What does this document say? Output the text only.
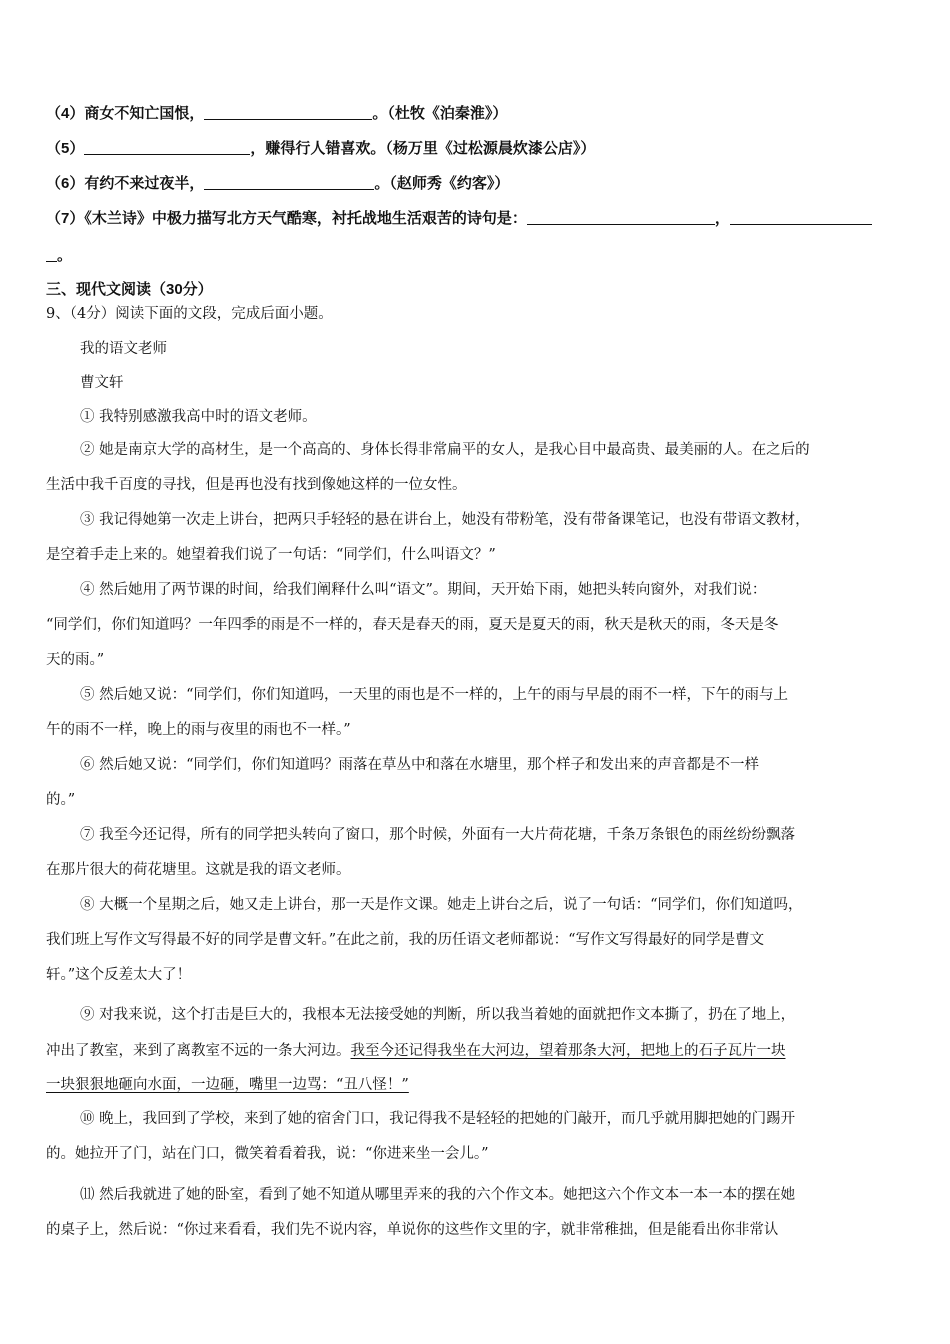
（4）商女不知亡国恨，	。（杜牧《泊秦淮》）
（5）	，赚得行人错喜欢。（杨万里《过松源晨炊漆公店》）
（6）有约不来过夜半，	。（赵师秀《约客》）
（7）《木兰诗》中极力描写北方天气酷寒，衬托战地生活艰苦的诗句是：	，
。
三、现代文阅读（30分）
9、（4分）阅读下面的文段，完成后面小题。
我的语文老师
曹文轩
① 我特别感激我高中时的语文老师。
② 她是南京大学的高材生，是一个高高的、身体长得非常扁平的女人，是我心目中最高贵、最美丽的人。在之后的
生活中我千百度的寻找，但是再也没有找到像她这样的一位女性。
③ 我记得她第一次走上讲台，把两只手轻轻的悬在讲台上，她没有带粉笔，没有带备课笔记，也没有带语文教材，
是空着手走上来的。她望着我们说了一句话：“同学们，什么叫语文？”
④ 然后她用了两节课的时间，给我们阐释什么叫“语文”。期间，天开始下雨，她把头转向窗外，对我们说：
“同学们，你们知道吗？一年四季的雨是不一样的，春天是春天的雨，夏天是夏天的雨，秋天是秋天的雨，冬天是冬
天的雨。”
⑤ 然后她又说：“同学们，你们知道吗，一天里的雨也是不一样的，上午的雨与早晨的雨不一样，下午的雨与上
午的雨不一样，晚上的雨与夜里的雨也不一样。”
⑥ 然后她又说：“同学们，你们知道吗？雨落在草丛中和落在水塘里，那个样子和发出来的声音都是不一样
的。”
⑦ 我至今还记得，所有的同学把头转向了窗口，那个时候，外面有一大片荷花塘，千条万条银色的雨丝纷纷飘落
在那片很大的荷花塘里。这就是我的语文老师。
⑧ 大概一个星期之后，她又走上讲台，那一天是作文课。她走上讲台之后，说了一句话：“同学们，你们知道吗，
我们班上写作文写得最不好的同学是曹文轩。”在此之前，我的历任语文老师都说：“写作文写得最好的同学是曹文
轩。”这个反差太大了！
⑨ 对我来说，这个打击是巨大的，我根本无法接受她的判断，所以我当着她的面就把作文本撕了，扔在了地上，
冲出了教室，来到了离教室不远的一条大河边。我至今还记得我坐在大河边，望着那条大河，把地上的石子瓦片一块
一块狠狠地砸向水面，一边砸，嘴里一边骂：“丑八怪！”
⑩ 晚上，我回到了学校，来到了她的宿舍门口，我记得我不是轻轻的把她的门敲开，而几乎就用脚把她的门踢开
的。她拉开了门，站在门口，微笑着看着我，说：“你进来坐一会儿。”
⑾ 然后我就进了她的卧室，看到了她不知道从哪里弄来的我的六个作文本。她把这六个作文本一本一本的摆在她
的桌子上，然后说：“你过来看看，我们先不说内容，单说你的这些作文里的字，就非常稚拙，但是能看出你非常认
